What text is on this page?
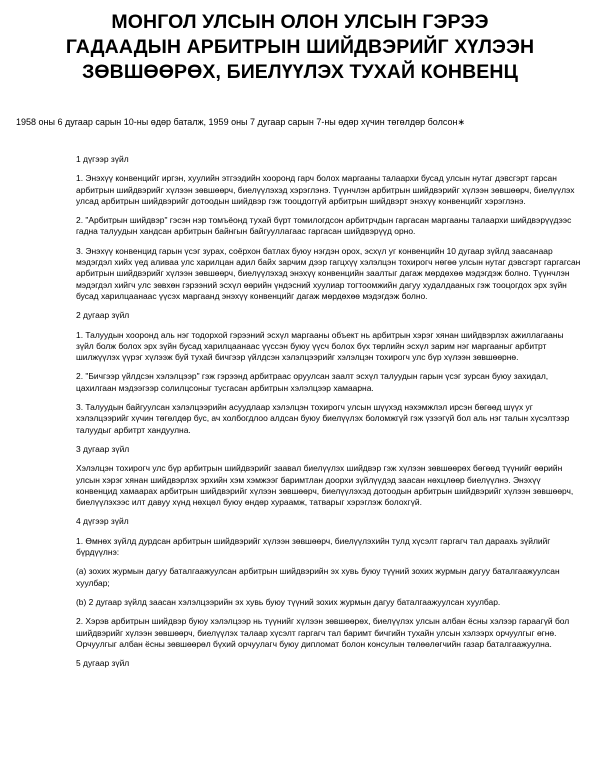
МОНГОЛ УЛСЫН ОЛОН УЛСЫН ГЭРЭЭ
ГАДААДЫН АРБИТРЫН ШИЙДВЭРИЙГ ХҮЛЭЭН
ЗӨВШӨӨРӨХ, БИЕЛҮҮЛЭХ ТУХАЙ КОНВЕНЦ

1958 оны 6 дугаар сарын 10-ны өдөр баталж, 1959 оны 7 дугаар сарын 7-ны өдөр хүчин төгөлдөр болсон∗

1 дүгээр зүйл

1. Энэхүү конвенцийг иргэн, хуулийн этгээдийн хооронд гарч болох маргааны талаархи бусад улсын нутаг дэвсгэрт гарсан арбитрын шийдвэрийг хүлээн зөвшөөрч, биелүүлэхэд хэрэглэнэ. Түүнчлэн арбитрын шийдвэрийг хүлээн зөвшөөрч, биелүүлэх улсад арбитрын шийдвэрийг дотоодын шийдвэр гэж тооцдоггүй арбитрын шийдвэрт энэхүү конвенцийг хэрэглэнэ.

2. "Арбитрын шийдвэр" гэсэн нэр томъёонд тухай бүрт томилогдсон арбитрчдын гаргасан маргааны талаархи шийдвэрүүдээс гадна талуудын хандсан арбитрын байнгын байгууллагаас гаргасан шийдвэрүүд орно.

3. Энэхүү конвенцид гарын үсэг зурах, соёрхон батлах буюу нэгдэн орох, эсхүл уг конвенцийн 10 дугаар зүйлд заасанаар мэдэгдэл хийх үед аливаа улс харилцан адил байх зарчим дээр гагцхүү хэлэлцэн тохирогч нөгөө улсын нутаг дэвсгэрт гаргагсан арбитрын шийдвэрийг хүлээн зөвшөөрч, биелүүлэхэд энэхүү конвенцийн заалтыг дагаж мөрдөхөө мэдэгдэж болно. Түүнчлэн мэдэгдэл хийгч улс зөвхөн гэрээний эсхүл өөрийн үндэсний хуулиар тогтоомжийн дагуу худалдааных гэж тооцогдох эрх зүйн бусад харилцаанаас үүсэх маргаанд энэхүү конвенцийг дагаж мөрдөхөө мэдэгдэж болно.

2 дугаар зүйл

1. Талуудын хооронд аль нэг тодорхой гэрээний эсхүл маргааны объект нь арбитрын хэрэг хянан шийдвэрлэх ажиллагааны зүйл болж болох эрх зүйн бусад харилцаанаас үүссэн буюу үүсч болох бүх төрлийн эсхүл зарим нэг маргааныг арбитрт шилжүүлэх үүрэг хүлээж буй тухай бичгээр үйлдсэн хэлэлцээрийг хэлэлцэн тохирогч улс бүр хүлээн зөвшөөрнө.

2. "Бичгээр үйлдсэн хэлэлцээр" гэж гэрээнд арбитраас оруулсан заалт эсхүл талуудын гарын үсэг зурсан буюу захидал, цахилгаан мэдээгээр солилцсоныг тусгасан арбитрын хэлэлцээр хамаарна.

3. Талуудын байгуулсан хэлэлцээрийн асуудлаар хэлэлцэн тохирогч улсын шүүхэд нэхэмжлэл ирсэн бөгөөд шүүх уг хэлэлцээрийг хүчин төгөлдөр бус, ач холбогдлоо алдсан буюу биелүүлэх боломжгүй гэж үзээгүй бол аль нэг талын хүсэлтээр талуудыг арбитрт хандуулна.

3 дугаар зүйл

Хэлэлцэн тохирогч улс бүр арбитрын шийдвэрийг заавал биелүүлэх шийдвэр гэж хүлээн зөвшөөрөх бөгөөд түүнийг өөрийн улсын хэрэг хянан шийдвэрлэх эрхийн хэм хэмжээг баримтлан доорхи зүйлүүдэд заасан нөхцлөөр биелүүлнэ. Энэхүү конвенцид хамаарах арбитрын шийдвэрийг хүлээн зөвшөөрч, биелүүлэхэд дотоодын арбитрын шийдвэрийг хүлээн зөвшөөрч, биелүүлэхээс илт давуу хүнд нөхцөл буюу өндөр хураамж, татварыг хэрэглэж болохгүй.

4 дүгээр зүйл

1. Өмнөх зүйлд дурдсан арбитрын шийдвэрийг хүлээн зөвшөөрч, биелүүлэхийн тулд хүсэлт гаргагч тал дараахь зүйлийг бүрдүүлнэ:

(а) зохих журмын дагуу баталгаажуулсан арбитрын шийдвэрийн эх хувь буюу түүний зохих журмын дагуу баталгаажуулсан хуулбар;

(b) 2 дугаар зүйлд заасан хэлэлцээрийн эх хувь буюу түүний зохих журмын дагуу баталгаажуулсан хуулбар.

2. Хэрэв арбитрын шийдвэр буюу хэлэлцээр нь түүнийг хүлээн зөвшөөрөх, биелүүлэх улсын албан ёсны хэлээр гараагүй бол шийдвэрийг хүлээн зөвшөөрч, биелүүлэх талаар хүсэлт гаргагч тал баримт бичгийн тухайн улсын хэлээрх орчуулгыг өгнө. Орчуулгыг албан ёсны зөвшөөрөл бүхий орчуулагч буюу дипломат болон консулын төлөөлөгчийн газар баталгаажуулна.

5 дугаар зүйл
